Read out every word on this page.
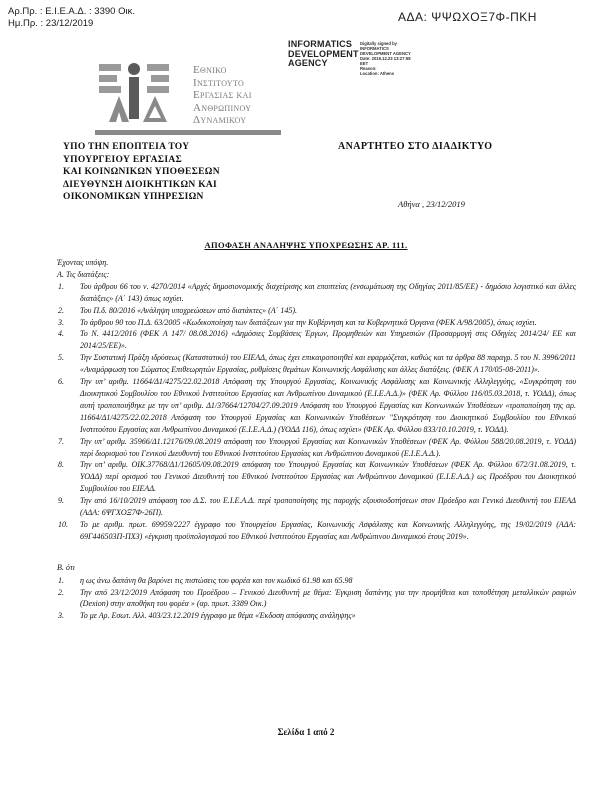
Αρ.Πρ. : Ε.Ι.Ε.Α.Δ. : 3390 Οικ.
Ημ.Πρ. : 23/12/2019	ΑΔΑ: ΨΨΩΧΟΞ7Φ-ΠΚΗ
INFORMATICS DEVELOPMENT AGENCY
Digitally signed by
INFORMATICS
DEVELOPMENT AGENCY
Date: 2019.12.23 13:27:58
EET
Reason:
Location: Athens
Εθνικο
Ινστιτουτο
Εργασιας και
Ανθρωπινου
Δυναμικου
ΥΠΟ ΤΗΝ ΕΠΟΠΤΕΙΑ ΤΟΥ
ΥΠΟΥΡΓΕΙΟΥ ΕΡΓΑΣΙΑΣ
ΚΑΙ ΚΟΙΝΩΝΙΚΩΝ ΥΠΟΘΕΣΕΩΝ
ΔΙΕΥΘΥΝΣΗ ΔΙΟΙΚΗΤΙΚΩΝ ΚΑΙ
ΟΙΚΟΝΟΜΙΚΩΝ ΥΠΗΡΕΣΙΩΝ
ΑΝΑΡΤΗΤΕΟ ΣΤΟ ΔΙΑΔΙΚΤΥΟ
Αθήνα , 23/12/2019
ΑΠΟΦΑΣΗ ΑΝΑΛΗΨΗΣ ΥΠΟΧΡΕΩΣΗΣ ΑΡ. 111.

Έχοντας υπόψη.

Α. Τις διατάξεις:

Του άρθρου 66 του ν. 4270/2014 «Αρχές δημοσιονομικής διαχείρισης και εποπτείας (ενσωμάτωση της Οδηγίας 2011/85/ΕΕ) - δημόσιο λογιστικό και άλλες διατάξεις» (Α΄ 143) όπως ισχύει.
Του Π.δ. 80/2016 «Ανάληψη υποχρεώσεων από διατάκτες» (Α΄ 145).
Το άρθρου 90 του Π.Δ. 63/2005 «Κωδικοποίηση των διατάξεων για την Κυβέρνηση και τα Κυβερνητικά Όργανα (ΦΕΚ Α/98/2005), όπως ισχύει.
Το Ν. 4412/2016 (ΦΕΚ Α 147/ 08.08.2016) «Δημόσιες Συμβάσεις Έργων, Προμηθειών και Υπηρεσιών (Προσαρμογή στις Οδηγίες 2014/24/ ΕΕ και 2014/25/ΕΕ)».
Την Συστατική Πράξη ιδρύσεως (Καταστατικό) του ΕΙΕΑΔ, όπως έχει επικαιροποιηθεί και εφαρμόζεται, καθώς και τα άρθρα 88 παραγρ. 5 του Ν. 3996/2011 «Αναμόρφωση του Σώματος Επιθεωρητών Εργασίας, ρυθμίσεις θεμάτων Κοινωνικής Ασφάλισης και άλλες διατάξεις. (ΦΕΚ Α 170/05-08-2011)».
Την υπ’ αριθμ. 11664/Δ1/4275/22.02.2018 Απόφαση της Υπουργού Εργασίας, Κοινωνικής Ασφάλισης και Κοινωνικής Αλληλεγγύης, «Συγκρότηση του Διοικητικού Συμβουλίου του Εθνικού Ινστιτούτου Εργασίας και Ανθρωπίνου Δυναμικού (Ε.Ι.Ε.Α.Δ.)» (ΦΕΚ Αρ. Φύλλου 116/05.03.2018, τ. ΥΟΔΔ), όπως αυτή τροποποιήθηκε με την υπ’ αριθμ. Δ1/37664/12704/27.09.2019 Απόφαση του Υπουργού Εργασίας και Κοινωνικών Υποθέσεων «τροποποίηση της αρ. 11664/Δ1/4275/22.02.2018 Απόφαση του Υπουργού Εργασίας και Κοινωνικών Υποθέσεων "Συγκρότηση του Διοικητικού Συμβουλίου του Εθνικού Ινστιτούτου Εργασίας και Ανθρωπίνου Δυναμικού (Ε.Ι.Ε.Α.Δ.) (ΥΟΔΔ 116), όπως ισχύει» (ΦΕΚ Αρ. Φύλλου 833/10.10.2019, τ. ΥΟΔΔ).
Την υπ’ αριθμ. 35966/Δ1.12176/09.08.2019 απόφαση του Υπουργού Εργασίας και Κοινωνικών Υποθέσεων (ΦΕΚ Αρ. Φύλλου 588/20.08.2019, τ. ΥΟΔΔ) περί διορισμού του Γενικού Διευθυντή του Εθνικού Ινστιτούτου Εργασίας και Ανθρώπινου Δυναμικού (Ε.Ι.Ε.Α.Δ.).
Την υπ’ αριθμ. ΟΙΚ.37768/Δ1/12605/09.08.2019 απόφαση του Υπουργού Εργασίας και Κοινωνικών Υποθέσεων (ΦΕΚ Αρ. Φύλλου 672/31.08.2019, τ. ΥΟΔΔ) περί ορισμού του Γενικού Διευθυντή του Εθνικού Ινστιτούτου Εργασίας και Ανθρώπινου Δυναμικού (Ε.Ι.Ε.Α.Δ.) ως Προέδρου του Διοικητικού Συμβουλίου του ΕΙΕΑΔ.
Την από 16/10/2019 απόφαση του Δ.Σ. του Ε.Ι.Ε.Α.Δ. περί τροποποίησης της παροχής εξουσιοδοτήσεων στον Πρόεδρο και Γενικό Διευθυντή του ΕΙΕΑΔ (ΑΔΑ: 6ΨΓΧΟΞ7Φ-26Π).
Το με αριθμ. πρωτ. 69959/2227 έγγραφο του Υπουργείου Εργασίας, Κοινωνικής Ασφάλισης και Κοινωνικής Αλληλεγγύης, της 19/02/2019 (ΑΔΑ: 69Γ446503Π-ΠΧ3) «έγκριση προϋπολογισμού του Εθνικού Ινστιτούτου Εργασίας και Ανθρώπινου Δυναμικού έτους 2019».

Β. ότι

η ως άνω δαπάνη θα βαρύνει τις πιστώσεις του φορέα και τον κωδικό 61.98 και 65.98
Την από 23/12/2019 Απόφαση του Προέδρου – Γενικού Διευθυντή με θέμα: Έγκριση δαπάνης για την προμήθεια και τοποθέτηση μεταλλικών ραφιών (Dexion) στην αποθήκη του φορέα » (αρ. πρωτ. 3389 Οικ.)
Το με Αρ. Εσωτ. Αλλ. 403/23.12.2019 έγγραφο με θέμα «Έκδοση απόφασης ανάληψης»
Σελίδα 1 από 2
